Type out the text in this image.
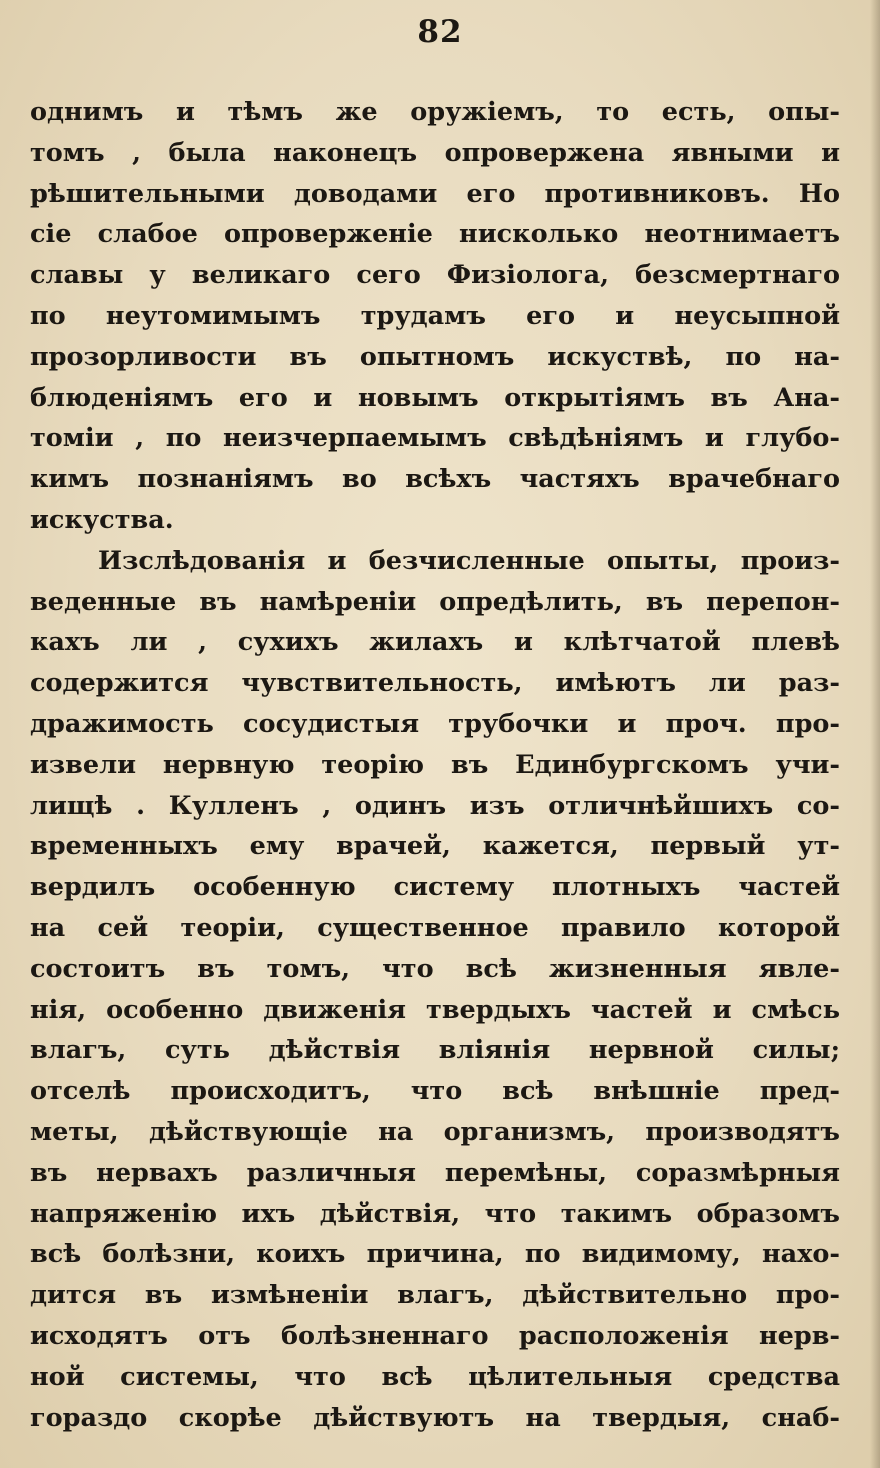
82
однимъ и тѣмъ же оружіемъ, то есть, опы-
томъ , была наконецъ опровержена явными и
рѣшительными доводами его противниковъ. Но
сіе слабое опроверженіе нисколько неотнимаетъ
славы у великаго сего Физіолога, безсмертнаго
по неутомимымъ трудамъ его и неусыпной
прозорливости въ опытномъ искуствѣ, по на-
блюденіямъ его и новымъ открытіямъ въ Ана-
томіи , по неизчерпаемымъ свѣдѣніямъ и глубо-
кимъ познаніямъ во всѣхъ частяхъ врачебнаго
искуства.
Изслѣдованія и безчисленные опыты, произ-
веденные въ намѣреніи опредѣлить, въ перепон-
кахъ ли , сухихъ жилахъ и клѣтчатой плевѣ
содержится чувствительность, имѣютъ ли раз-
дражимость сосудистыя трубочки и проч. про-
извели нервную теорію въ Единбургскомъ учи-
лищѣ . Кулленъ , одинъ изъ отличнѣйшихъ со-
временныхъ ему врачей, кажется, первый ут-
вердилъ особенную систему плотныхъ частей
на сей теоріи, существенное правило которой
состоитъ въ томъ, что всѣ жизненныя явле-
нія, особенно движенія твердыхъ частей и смѣсь
влагъ, суть дѣйствія вліянія нервной силы;
отселѣ происходитъ, что всѣ внѣшніе пред-
меты, дѣйствующіе на организмъ, производятъ
въ нервахъ различныя перемѣны, соразмѣрныя
напряженію ихъ дѣйствія, что такимъ образомъ
всѣ болѣзни, коихъ причина, по видимому, нахо-
дится въ измѣненіи влагъ, дѣйствительно про-
исходятъ отъ болѣзненнаго расположенія нерв-
ной системы, что всѣ цѣлительныя средства
гораздо скорѣе дѣйствуютъ на твердыя, снаб-
